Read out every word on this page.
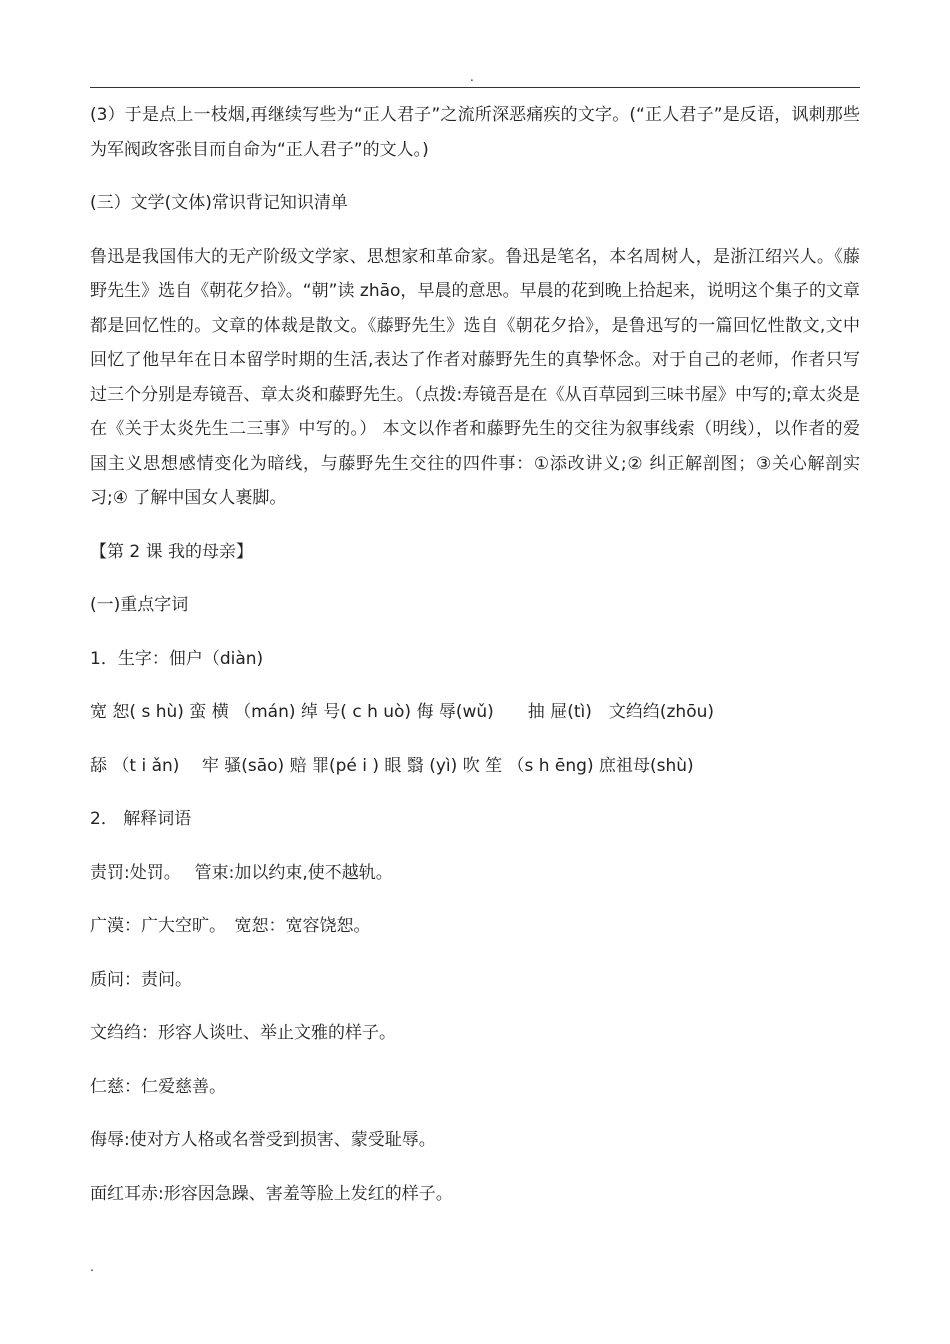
.

(3）于是点上一枝烟,再继续写些为“正人君子”之流所深恶痛疾的文字。(“正人君子”是反语，讽刺那些为军阀政客张目而自命为“正人君子”的文人。)

(三）文学(文体)常识背记知识清单

鲁迅是我国伟大的无产阶级文学家、思想家和革命家。鲁迅是笔名，本名周树人，是浙江绍兴人。《藤野先生》选自《朝花夕拾》。“朝”读 zhāo，早晨的意思。早晨的花到晚上拾起来，说明这个集子的文章都是回忆性的。文章的体裁是散文。《藤野先生》选自《朝花夕拾》，是鲁迅写的一篇回忆性散文,文中回忆了他早年在日本留学时期的生活,表达了作者对藤野先生的真挚怀念。对于自己的老师，作者只写过三个分别是寿镜吾、章太炎和藤野先生。（点拨:寿镜吾是在《从百草园到三味书屋》中写的;章太炎是在《关于太炎先生二三事》中写的。） 本文以作者和藤野先生的交往为叙事线索（明线），以作者的爱国主义思想感情变化为暗线，与藤野先生交往的四件事：①添改讲义;② 纠正解剖图；③关心解剖实习;④ 了解中国女人裹脚。

【第 2 课 我的母亲】

(一)重点字词

1．生字：佃户（diàn)

宽 恕( s hù) 蛮 横 （mán) 绰 号( c h uò) 侮 辱(wǔ)　　抽 屉(tì)　文绉绉(zhōu)

舔 （t i ǎn)　 牢 骚(sāo) 赔 罪(pé i ) 眼 翳 (yì) 吹 笙 （s h ēng) 庶祖母(shù)

2． 解释词语

责罚:处罚。　 管束:加以约束,使不越轨。

广漠：广大空旷。　宽恕：宽容饶恕。

质问：责问。

文绉绉：形容人谈吐、举止文雅的样子。

仁慈：仁爱慈善。

侮辱:使对方人格或名誉受到损害、蒙受耻辱。

面红耳赤:形容因急躁、害羞等脸上发红的样子。

.
